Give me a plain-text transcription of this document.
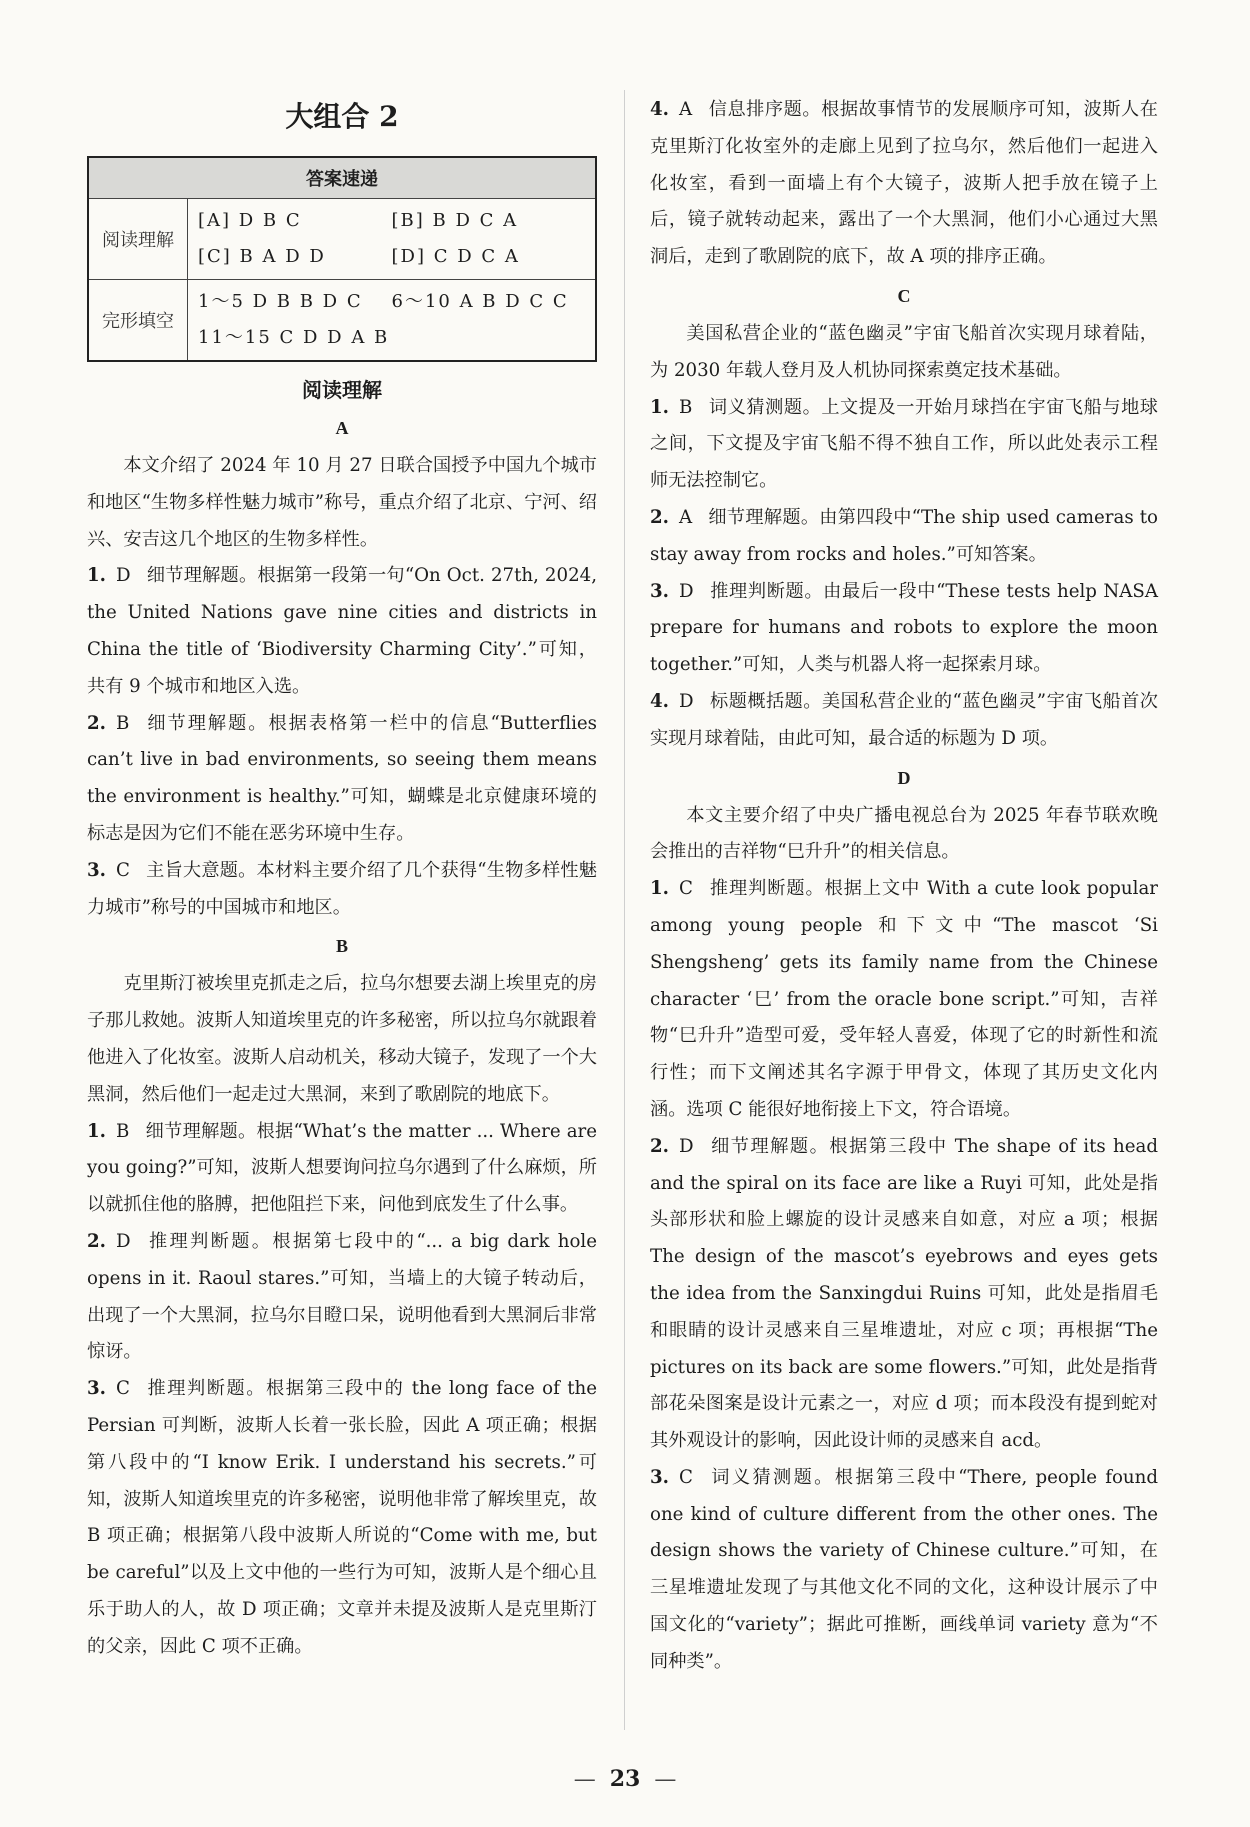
大组合 2
答案速递	
阅读理解	[A] D B C [B] B D C A
[C] B A D D [D] C D C A

完形填空	1～5 D B B D C 6～10 A B D C C
11～15 C D D A B

阅读理解

A

本文介绍了 2024 年 10 月 27 日联合国授予中国九个城市和地区“生物多样性魅力城市”称号，重点介绍了北京、宁河、绍兴、安吉这几个地区的生物多样性。

1. D 细节理解题。根据第一段第一句“On Oct. 27th, 2024, the United Nations gave nine cities and districts in China the title of ‘Biodiversity Charming City’.”可知，共有 9 个城市和地区入选。

2. B 细节理解题。根据表格第一栏中的信息“Butterflies can’t live in bad environments, so seeing them means the environment is healthy.”可知，蝴蝶是北京健康环境的标志是因为它们不能在恶劣环境中生存。

3. C 主旨大意题。本材料主要介绍了几个获得“生物多样性魅力城市”称号的中国城市和地区。

B

克里斯汀被埃里克抓走之后，拉乌尔想要去湖上埃里克的房子那儿救她。波斯人知道埃里克的许多秘密，所以拉乌尔就跟着他进入了化妆室。波斯人启动机关，移动大镜子，发现了一个大黑洞，然后他们一起走过大黑洞，来到了歌剧院的地底下。

1. B 细节理解题。根据“What’s the matter ... Where are you going?”可知，波斯人想要询问拉乌尔遇到了什么麻烦，所以就抓住他的胳膊，把他阻拦下来，问他到底发生了什么事。

2. D 推理判断题。根据第七段中的“... a big dark hole opens in it. Raoul stares.”可知，当墙上的大镜子转动后，出现了一个大黑洞，拉乌尔目瞪口呆，说明他看到大黑洞后非常惊讶。

3. C 推理判断题。根据第三段中的 the long face of the Persian 可判断，波斯人长着一张长脸，因此 A 项正确；根据第八段中的“I know Erik. I understand his secrets.”可知，波斯人知道埃里克的许多秘密，说明他非常了解埃里克，故 B 项正确；根据第八段中波斯人所说的“Come with me, but be careful”以及上文中他的一些行为可知，波斯人是个细心且乐于助人的人，故 D 项正确；文章并未提及波斯人是克里斯汀的父亲，因此 C 项不正确。

4. A 信息排序题。根据故事情节的发展顺序可知，波斯人在克里斯汀化妆室外的走廊上见到了拉乌尔，然后他们一起进入化妆室，看到一面墙上有个大镜子，波斯人把手放在镜子上后，镜子就转动起来，露出了一个大黑洞，他们小心通过大黑洞后，走到了歌剧院的底下，故 A 项的排序正确。

C

美国私营企业的“蓝色幽灵”宇宙飞船首次实现月球着陆，为 2030 年载人登月及人机协同探索奠定技术基础。

1. B 词义猜测题。上文提及一开始月球挡在宇宙飞船与地球之间，下文提及宇宙飞船不得不独自工作，所以此处表示工程师无法控制它。

2. A 细节理解题。由第四段中“The ship used cameras to stay away from rocks and holes.”可知答案。

3. D 推理判断题。由最后一段中“These tests help NASA prepare for humans and robots to explore the moon together.”可知，人类与机器人将一起探索月球。

4. D 标题概括题。美国私营企业的“蓝色幽灵”宇宙飞船首次实现月球着陆，由此可知，最合适的标题为 D 项。

D

本文主要介绍了中央广播电视总台为 2025 年春节联欢晚会推出的吉祥物“巳升升”的相关信息。

1. C 推理判断题。根据上文中 With a cute look popular among young people 和下文中“The mascot ‘Si Shengsheng’ gets its family name from the Chinese character ‘巳’ from the oracle bone script.”可知，吉祥物“巳升升”造型可爱，受年轻人喜爱，体现了它的时新性和流行性；而下文阐述其名字源于甲骨文，体现了其历史文化内涵。选项 C 能很好地衔接上下文，符合语境。

2. D 细节理解题。根据第三段中 The shape of its head and the spiral on its face are like a Ruyi 可知，此处是指头部形状和脸上螺旋的设计灵感来自如意，对应 a 项；根据 The design of the mascot’s eyebrows and eyes gets the idea from the Sanxingdui Ruins 可知，此处是指眉毛和眼睛的设计灵感来自三星堆遗址，对应 c 项；再根据“The pictures on its back are some flowers.”可知，此处是指背部花朵图案是设计元素之一，对应 d 项；而本段没有提到蛇对其外观设计的影响，因此设计师的灵感来自 acd。

3. C 词义猜测题。根据第三段中“There, people found one kind of culture different from the other ones. The design shows the variety of Chinese culture.”可知，在三星堆遗址发现了与其他文化不同的文化，这种设计展示了中国文化的“variety”；据此可推断，画线单词 variety 意为“不同种类”。

— 23 —
